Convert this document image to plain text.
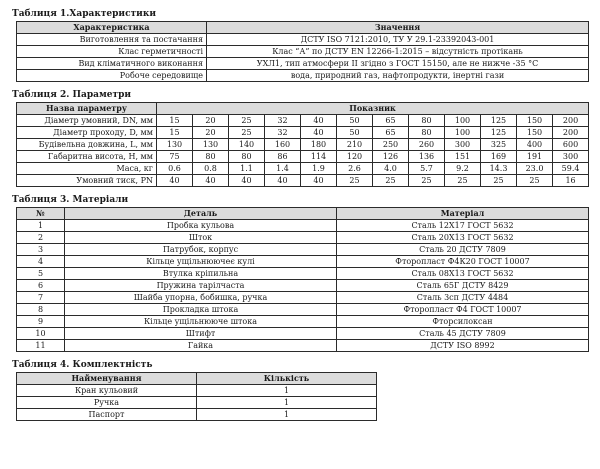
Таблиця 1.Характеристики
Характеристика	Значення
Виготовлення та постачання	ДСТУ ISO 7121:2010, ТУ У 29.1-23392043-001
Клас герметичності	Клас “А” по ДСТУ EN 12266-1:2015 – відсутність протікань
Вид кліматичного виконання	УХЛ1, тип атмосфери ІІ згідно з ГОСТ 15150, але не нижче -35 °С
Робоче середовище	вода, природний газ, нафтопродукти, інертні гази
Таблиця 2. Параметри
Назва параметру	Показник											
Діаметр умовний, DN, мм	15	20	25	32	40	50	65	80	100	125	150	200
Діаметр проходу, D, мм	15	20	25	32	40	50	65	80	100	125	150	200
Будівельна довжина, L, мм	130	130	140	160	180	210	250	260	300	325	400	600
Габаритна висота, H, мм	75	80	80	86	114	120	126	136	151	169	191	300
Маса, кг	0.6	0.8	1.1	1.4	1.9	2.6	4.0	5.7	9.2	14.3	23.0	59.4
Умовний тиск, PN	40	40	40	40	40	25	25	25	25	25	25	16
Таблиця 3. Матеріали
№	Деталь	Матеріал
1	Пробка кульова	Сталь 12Х17 ГОСТ 5632
2	Шток	Сталь 20Х13 ГОСТ 5632
3	Патрубок, корпус	Сталь 20 ДСТУ 7809
4	Кільце ущільнюючеє кулі	Фторопласт Ф4К20 ГОСТ 10007
5	Втулка кріпильна	Сталь 08Х13 ГОСТ 5632
6	Пружина тарілчаста	Сталь 65Г ДСТУ 8429
7	Шайба упорна, бобишка, ручка	Сталь 3сп ДСТУ 4484
8	Прокладка штока	Фторопласт Ф4 ГОСТ 10007
9	Кільце ущільнююче штока	Фторсилоксан
10	Штифт	Сталь 45 ДСТУ 7809
11	Гайка	ДСТУ ISO 8992
Таблиця 4. Комплектність
Найменування	Кількість
Кран кульовий	1
Ручка	1
Паспорт	1
